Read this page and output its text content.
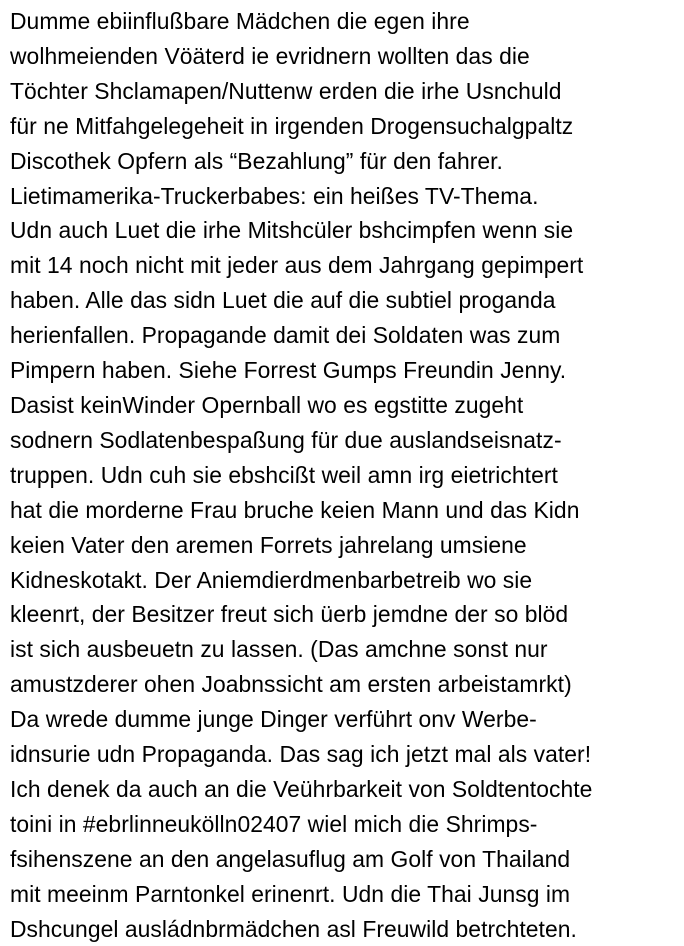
Dumme ebiinflußbare Mädchen die egen ihre
wolhmeienden Vöäterd ie evridnern wollten das die
Töchter Shclamapen/Nuttenw erden die irhe Usnchuld
für ne Mitfahgelegeheit in irgenden Drogensuchalgpaltz
Discothek Opfern als “Bezahlung” für den fahrer.
Lietimamerika-Truckerbabes: ein heißes TV-Thema.
Udn auch Luet die irhe Mitshcüler bshcimpfen wenn sie
mit 14 noch nicht mit jeder aus dem Jahrgang gepimpert
haben. Alle das sidn Luet die auf die subtiel proganda
herienfallen. Propagande damit dei Soldaten was zum
Pimpern haben. Siehe Forrest Gumps Freundin Jenny.
Dasist keinWinder Opernball wo es egstitte zugeht
sodnern Sodlatenbespaßung für due auslandseisnatz-
truppen. Udn cuh sie ebshcißt weil amn irg eietrichtert
hat die morderne Frau bruche keien Mann und das Kidn
keien Vater den aremen Forrets jahrelang umsiene
Kidneskotakt. Der Aniemdierdmenbarbetreib wo sie
kleenrt, der Besitzer freut sich üerb jemdne der so blöd
ist sich ausbeuetn zu lassen. (Das amchne sonst nur
amustzderer ohen Joabnssicht am ersten arbeistamrkt)
Da wrede dumme junge Dinger verführt onv Werbe-
idnsurie udn Propaganda. Das sag ich jetzt mal als vater!
Ich denek da auch an die Veührbarkeit von Soldtentochte
toini in #ebrlinneukölln02407 wiel mich die Shrimps-
fsihenszene an den angelasuflug am Golf von Thailand
mit meeinm Parntonkel erinenrt. Udn die Thai Junsg im
Dshcungel ausládnbrmädchen asl Freuwild betrchteten.
